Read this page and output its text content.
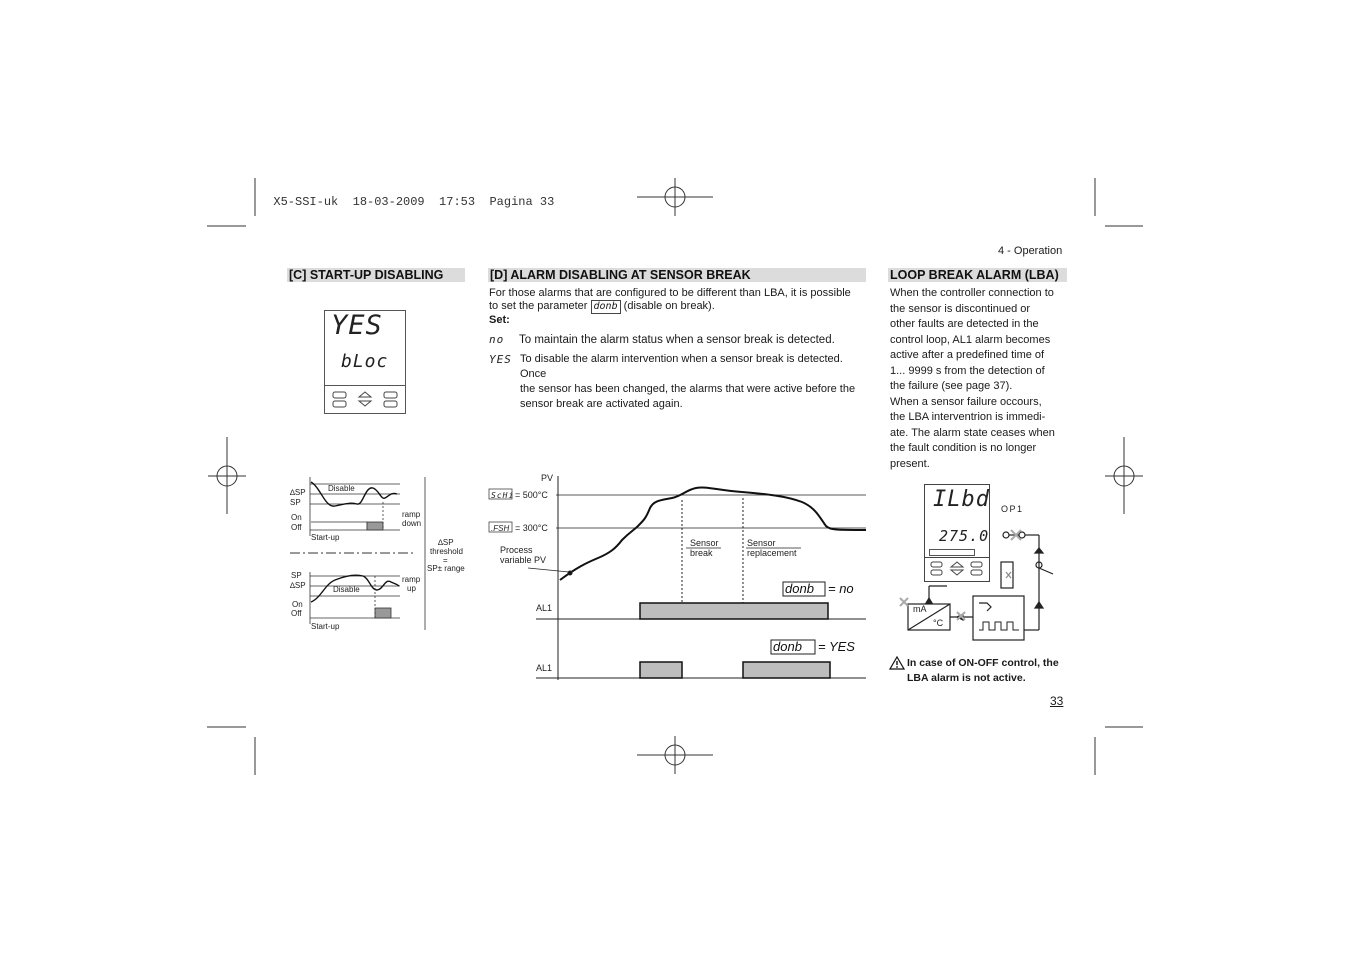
X5-SSI-uk 18-03-2009 17:53 Pagina 33

4 - Operation
[C] START-UP DISABLING
YES
bLoc
∆SP
SP
On
Off
Disable
ramp
down
Start-up
SP
∆SP
On
Off
Disable
ramp
up
Start-up
∆SP
threshold
=
SP± range
[D] ALARM DISABLING AT SENSOR BREAK
For those alarms that are configured to be different than LBA, it is possible
to set the parameter donb (disable on break).
Set:
no To maintain the alarm status when a sensor break is detected.
YES To disable the alarm intervention when a sensor break is detected. Once
the sensor has been changed, the alarms that were active before the
sensor break are activated again.
PV
ScHi = 500°C
.FSH = 300°C
Process
variable PV
Sensor
break
Sensor
replacement
AL1
AL1
donb = no
donb = YES
LOOP BREAK ALARM (LBA)
When the controller connection to
the sensor is discontinued or
other faults are detected in the
control loop, AL1 alarm becomes
active after a predefined time of
1... 9999 s from the detection of
the failure (see page 37).
When a sensor failure occours,
the LBA interventrion is immedi-
ate. The alarm state ceases when
the fault condition is no longer
present.
ILbd
275.0
OP1
mA
°C
In case of ON-OFF control, the
LBA alarm is not active.
33
